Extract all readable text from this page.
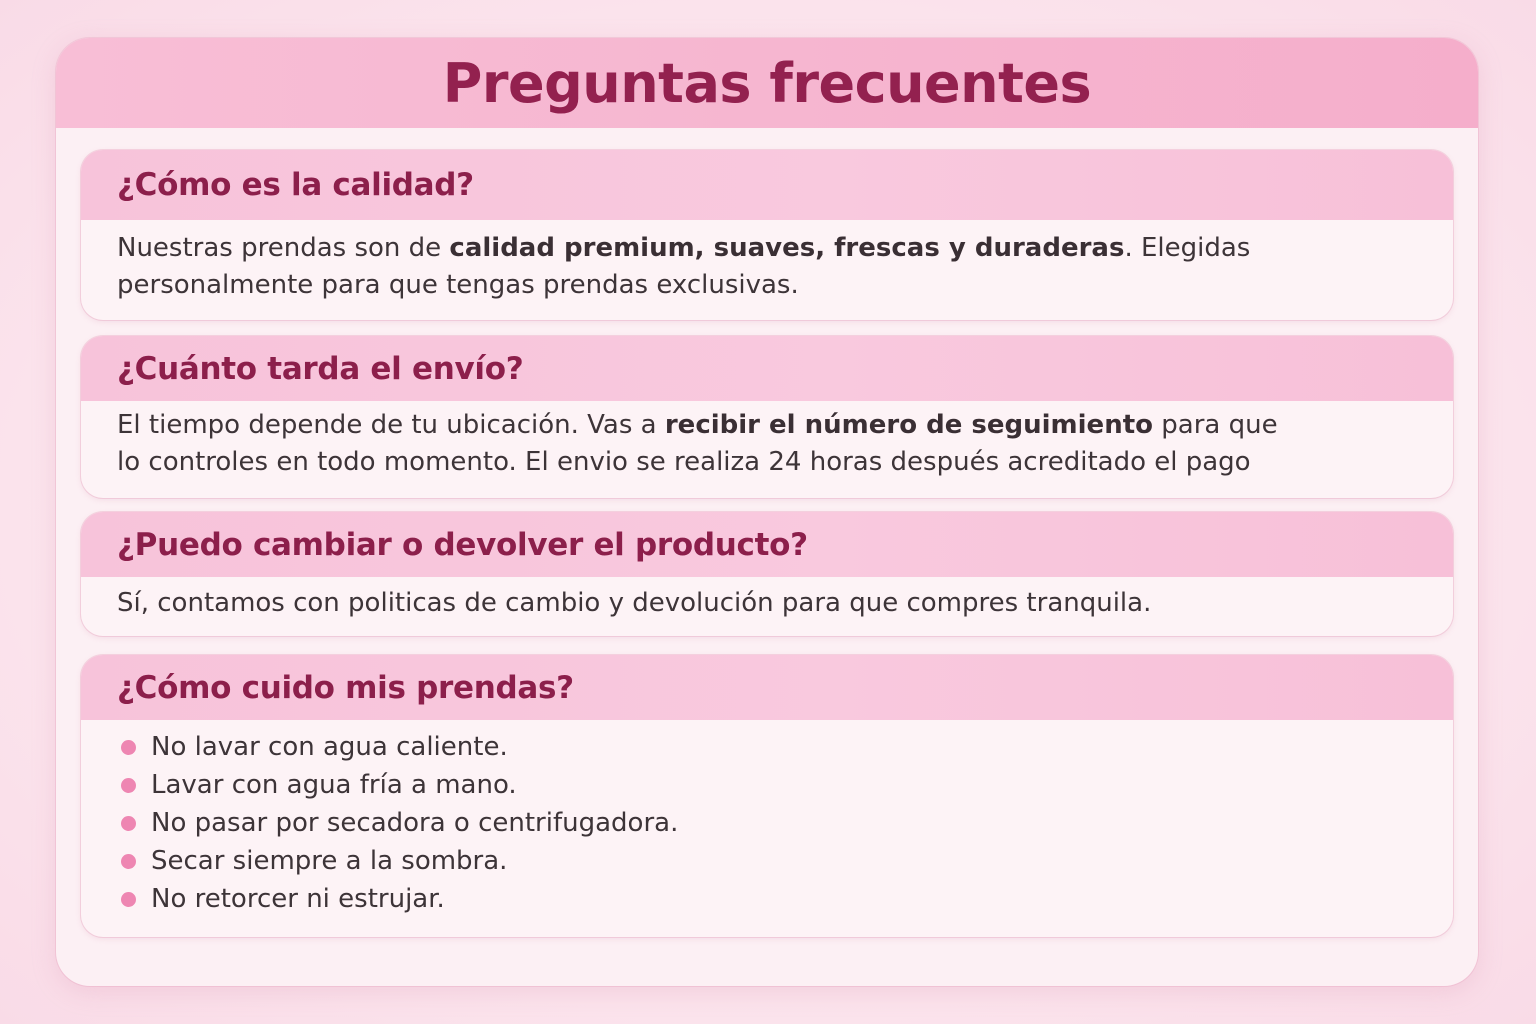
Preguntas frecuentes
¿Cómo es la calidad?

Nuestras prendas son de calidad premium, suaves, frescas y duraderas. Elegidas

personalmente para que tengas prendas exclusivas.

¿Cuánto tarda el envío?

El tiempo depende de tu ubicación. Vas a recibir el número de seguimiento para que

lo controles en todo momento. El envio se realiza 24 horas después acreditado el pago

¿Puedo cambiar o devolver el producto?

Sí, contamos con politicas de cambio y devolución para que compres tranquila.

¿Cómo cuido mis prendas?
No lavar con agua caliente.
Lavar con agua fría a mano.
No pasar por secadora o centrifugadora.
Secar siempre a la sombra.
No retorcer ni estrujar.
